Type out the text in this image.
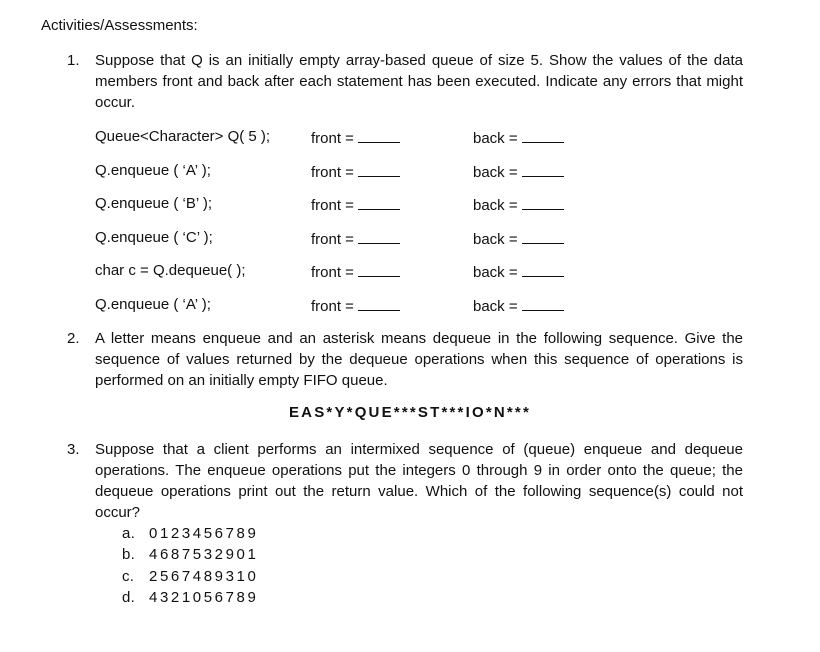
Activities/Assessments:
1. Suppose that Q is an initially empty array-based queue of size 5. Show the values of the data members front and back after each statement has been executed. Indicate any errors that might occur.
Queue<Character> Q( 5 );	front =	back =
Q.enqueue ( ‘A’ );	front =	back =
Q.enqueue ( ‘B’ );	front =	back =
Q.enqueue ( ‘C’ );	front =	back =
char c = Q.dequeue( );	front =	back =
Q.enqueue ( ‘A’ );	front =	back =
2. A letter means enqueue and an asterisk means dequeue in the following sequence. Give the sequence of values returned by the dequeue operations when this sequence of operations is performed on an initially empty FIFO queue.
EAS*Y*QUE***ST***IO*N***
3. Suppose that a client performs an intermixed sequence of (queue) enqueue and dequeue operations. The enqueue operations put the integers 0 through 9 in order onto the queue; the dequeue operations print out the return value. Which of the following sequence(s) could not occur?
a. 0123456789
b. 4687532901
c. 2567489310
d. 4321056789
